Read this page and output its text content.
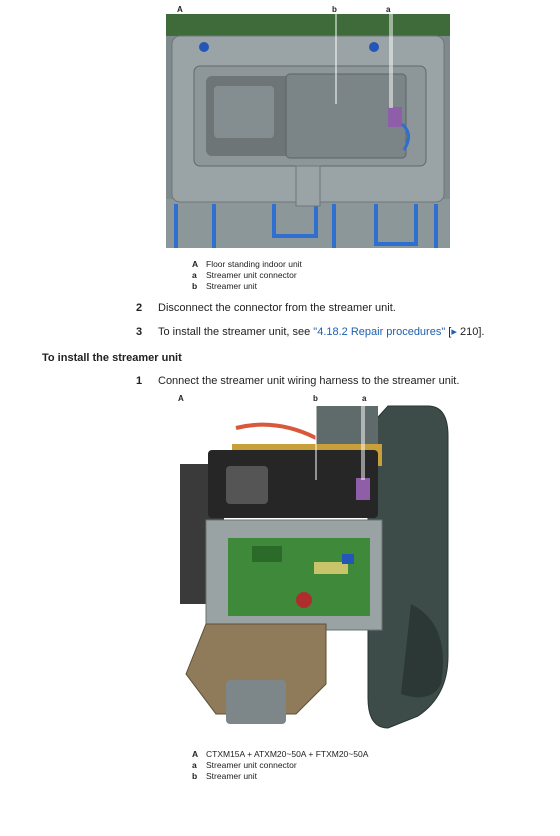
A	b	a
A Floor standing indoor unit
a	Streamer unit connector
b	Streamer unit
2	Disconnect the connector from the streamer unit.
3	To install the streamer unit, see "4.18.2 Repair procedures" [▸ 210].
To install the streamer unit
1	Connect the streamer unit wiring harness to the streamer unit.
A	b	a
A CTXM15A + ATXM20~50A + FTXM20~50A
a	Streamer unit connector
b	Streamer unit
